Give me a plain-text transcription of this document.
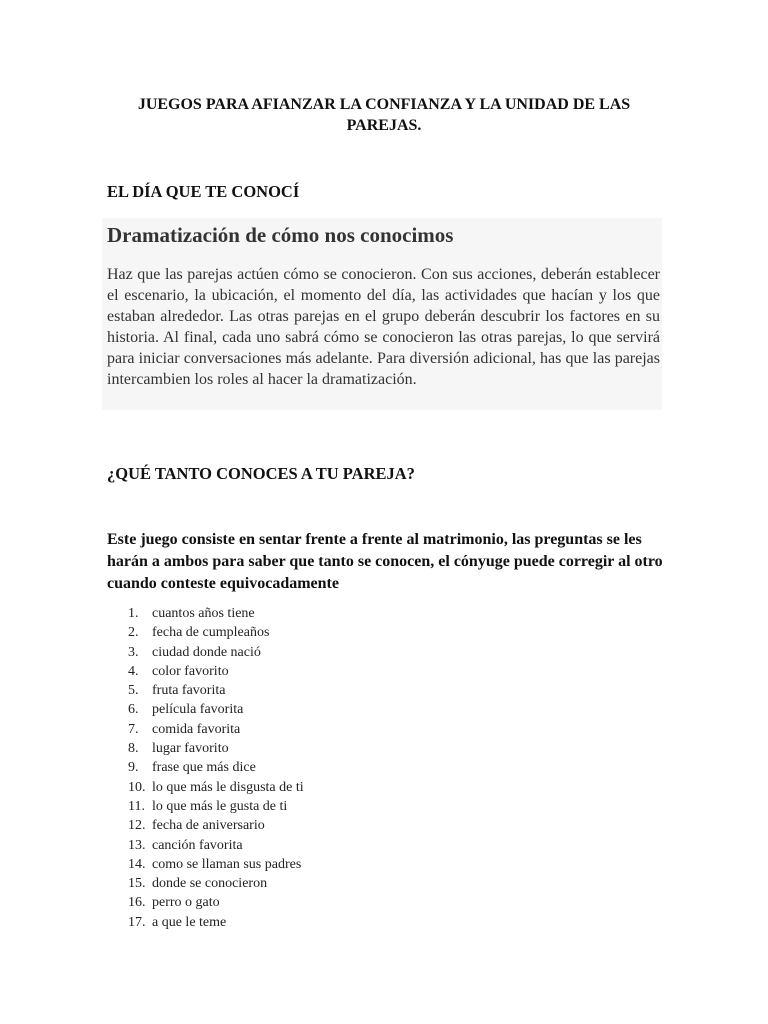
JUEGOS PARA AFIANZAR LA CONFIANZA Y LA UNIDAD DE LAS PAREJAS.
EL DÍA QUE TE CONOCÍ
Dramatización de cómo nos conocimos

Haz que las parejas actúen cómo se conocieron. Con sus acciones, deberán establecer el escenario, la ubicación, el momento del día, las actividades que hacían y los que estaban alrededor. Las otras parejas en el grupo deberán descubrir los factores en su historia. Al final, cada uno sabrá cómo se conocieron las otras parejas, lo que servirá para iniciar conversaciones más adelante. Para diversión adicional, has que las parejas intercambien los roles al hacer la dramatización.

¿QUÉ TANTO CONOCES A TU PAREJA?

Este juego consiste en sentar frente a frente al matrimonio, las preguntas se les harán a ambos para saber que tanto se conocen, el cónyuge puede corregir al otro cuando conteste equivocadamente

1. cuantos años tiene
2. fecha de cumpleaños
3. ciudad donde nació
4. color favorito
5. fruta favorita
6. película favorita
7. comida favorita
8. lugar favorito
9. frase que más dice
10. lo que más le disgusta de ti
11. lo que más le gusta de ti
12. fecha de aniversario
13. canción favorita
14. como se llaman sus padres
15. donde se conocieron
16. perro o gato
17. a que le teme
